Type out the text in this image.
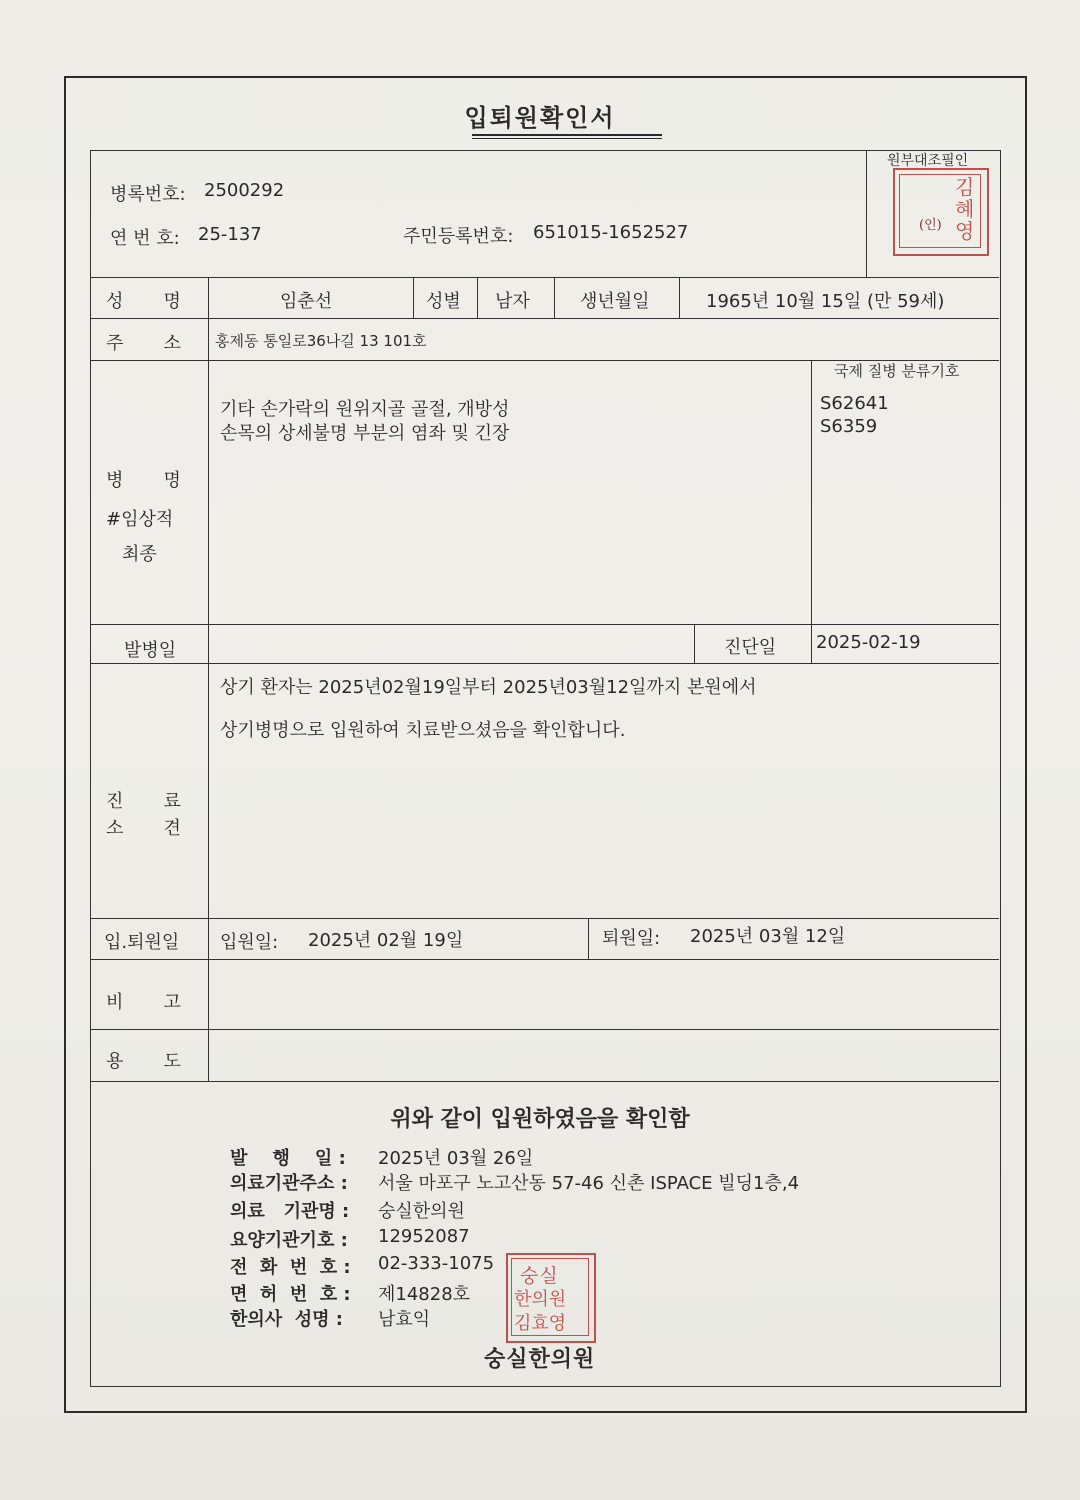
입퇴원확인서
병록번호: 2500292
연 번 호: 25-137	주민등록번호: 651015-1652527
원부대조필인
(인)
김혜영
성       명	임춘선	성별 남자	생년월일	1965년 10월 15일 (만 59세)
주       소 홍제동 통일로36나길 13 101호
국제 질병 분류기호
기타 손가락의 원위지골 골절, 개방성
손목의 상세불명 부분의 염좌 및 긴장
S62641
S6359
병       명
#임상적
최종
발병일	진단일 2025-02-19
상기 환자는 2025년02월19일부터 2025년03월12일까지 본원에서
상기병명으로 입원하여 치료받으셨음을 확인합니다.
진       료
소       견
입.퇴원일 입원일: 2025년 02월 19일	퇴원일: 2025년 03월 12일
비       고
용       도
위와 같이 입원하였음을 확인함
발    행    일 : 2025년 03월 26일
의료기관주소 : 서울 마포구 노고산동 57-46 신촌 ISPACE 빌딩1층,4
의료   기관명 : 숭실한의원
요양기관기호 : 12952087
전  화  번  호 : 02-333-1075
면  허  번  호 : 제14828호
한의사  성명 : 남효익
숭실
한의원
김효영
숭실한의원
